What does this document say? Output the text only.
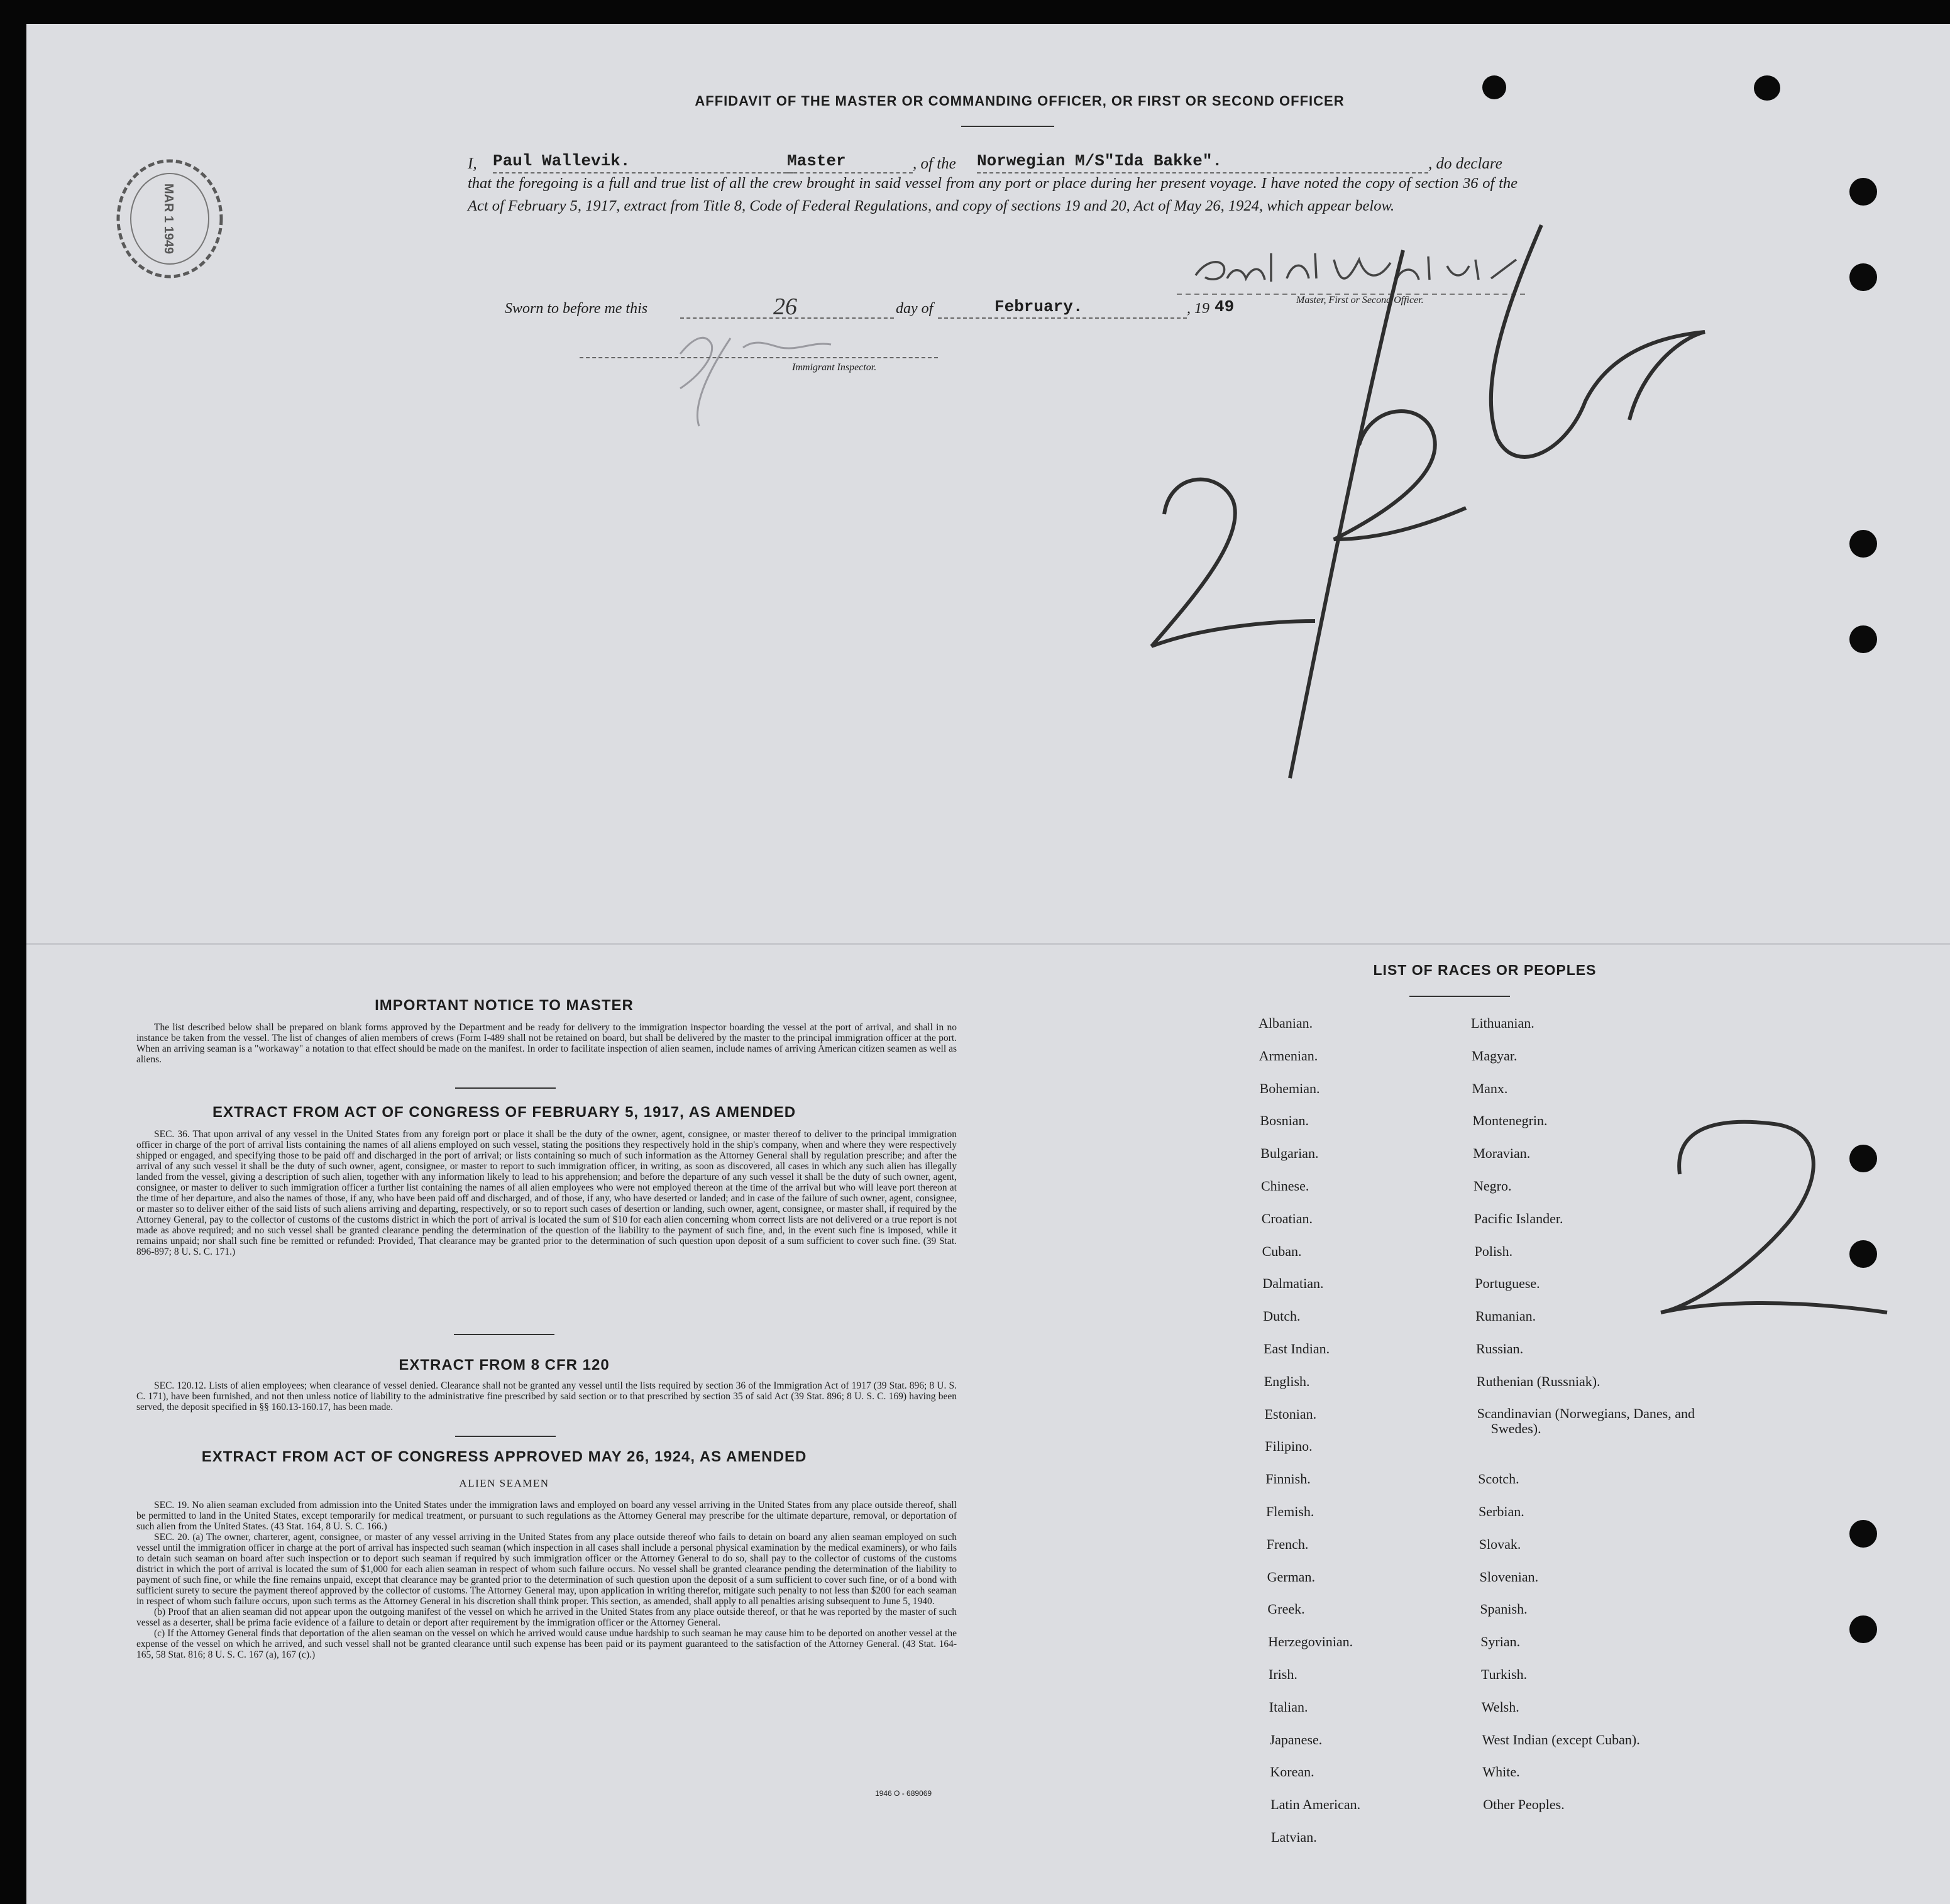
MAR 1 1949
AFFIDAVIT OF THE MASTER OR COMMANDING OFFICER, OR FIRST OR SECOND OFFICER
I, Paul Wallevik.	Master	, of the Norwegian M/S"Ida Bakke".	, do declare
that the foregoing is a full and true list of all the crew brought in said vessel from any port or place during her present voyage. I have noted the copy of section 36 of the Act of February 5, 1917, extract from Title 8, Code of Federal Regulations, and copy of sections 19 and 20, Act of May 26, 1924, which appear below.
Master, First or Second Officer.
Sworn to before me this	26	day of	February.	, 19 49
Immigrant Inspector.
IMPORTANT NOTICE TO MASTER
The list described below shall be prepared on blank forms approved by the Department and be ready for delivery to the immigration inspector boarding the vessel at the port of arrival, and shall in no instance be taken from the vessel. The list of changes of alien members of crews (Form I-489 shall not be retained on board, but shall be delivered by the master to the principal immigration officer at the port. When an arriving seaman is a "workaway" a notation to that effect should be made on the manifest. In order to facilitate inspection of alien seamen, include names of arriving American citizen seamen as well as aliens.
EXTRACT FROM ACT OF CONGRESS OF FEBRUARY 5, 1917, AS AMENDED
SEC. 36. That upon arrival of any vessel in the United States from any foreign port or place it shall be the duty of the owner, agent, consignee, or master thereof to deliver to the principal immigration officer in charge of the port of arrival lists containing the names of all aliens employed on such vessel, stating the positions they respectively hold in the ship's company, when and where they were respectively shipped or engaged, and specifying those to be paid off and discharged in the port of arrival; or lists containing so much of such information as the Attorney General shall by regulation prescribe; and after the arrival of any such vessel it shall be the duty of such owner, agent, consignee, or master to report to such immigration officer, in writing, as soon as discovered, all cases in which any such alien has illegally landed from the vessel, giving a description of such alien, together with any information likely to lead to his apprehension; and before the departure of any such vessel it shall be the duty of such owner, agent, consignee, or master to deliver to such immigration officer a further list containing the names of all alien employees who were not employed thereon at the time of the arrival but who will leave port thereon at the time of her departure, and also the names of those, if any, who have been paid off and discharged, and of those, if any, who have deserted or landed; and in case of the failure of such owner, agent, consignee, or master so to deliver either of the said lists of such aliens arriving and departing, respectively, or so to report such cases of desertion or landing, such owner, agent, consignee, or master shall, if required by the Attorney General, pay to the collector of customs of the customs district in which the port of arrival is located the sum of $10 for each alien concerning whom correct lists are not delivered or a true report is not made as above required; and no such vessel shall be granted clearance pending the determination of the question of the liability to the payment of such fine, and, in the event such fine is imposed, while it remains unpaid; nor shall such fine be remitted or refunded: Provided, That clearance may be granted prior to the determination of such question upon deposit of a sum sufficient to cover such fine. (39 Stat. 896-897; 8 U. S. C. 171.)
EXTRACT FROM 8 CFR 120
SEC. 120.12. Lists of alien employees; when clearance of vessel denied. Clearance shall not be granted any vessel until the lists required by section 36 of the Immigration Act of 1917 (39 Stat. 896; 8 U. S. C. 171), have been furnished, and not then unless notice of liability to the administrative fine prescribed by said section or to that prescribed by section 35 of said Act (39 Stat. 896; 8 U. S. C. 169) having been served, the deposit specified in §§ 160.13-160.17, has been made.
EXTRACT FROM ACT OF CONGRESS APPROVED MAY 26, 1924, AS AMENDED
ALIEN SEAMEN
SEC. 19. No alien seaman excluded from admission into the United States under the immigration laws and employed on board any vessel arriving in the United States from any place outside thereof, shall be permitted to land in the United States, except temporarily for medical treatment, or pursuant to such regulations as the Attorney General may prescribe for the ultimate departure, removal, or deportation of such alien from the United States. (43 Stat. 164, 8 U. S. C. 166.)
SEC. 20. (a) The owner, charterer, agent, consignee, or master of any vessel arriving in the United States from any place outside thereof who fails to detain on board any alien seaman employed on such vessel until the immigration officer in charge at the port of arrival has inspected such seaman (which inspection in all cases shall include a personal physical examination by the medical examiners), or who fails to detain such seaman on board after such inspection or to deport such seaman if required by such immigration officer or the Attorney General to do so, shall pay to the collector of customs of the customs district in which the port of arrival is located the sum of $1,000 for each alien seaman in respect of whom such failure occurs. No vessel shall be granted clearance pending the determination of the liability to payment of such fine, or while the fine remains unpaid, except that clearance may be granted prior to the determination of such question upon the deposit of a sum sufficient to cover such fine, or of a bond with sufficient surety to secure the payment thereof approved by the collector of customs. The Attorney General may, upon application in writing therefor, mitigate such penalty to not less than $200 for each seaman in respect of whom such failure occurs, upon such terms as the Attorney General in his discretion shall think proper. This section, as amended, shall apply to all penalties arising subsequent to June 5, 1940.
(b) Proof that an alien seaman did not appear upon the outgoing manifest of the vessel on which he arrived in the United States from any place outside thereof, or that he was reported by the master of such vessel as a deserter, shall be prima facie evidence of a failure to detain or deport after requirement by the immigration officer or the Attorney General.
(c) If the Attorney General finds that deportation of the alien seaman on the vessel on which he arrived would cause undue hardship to such seaman he may cause him to be deported on another vessel at the expense of the vessel on which he arrived, and such vessel shall not be granted clearance until such expense has been paid or its payment guaranteed to the satisfaction of the Attorney General. (43 Stat. 164-165, 58 Stat. 816; 8 U. S. C. 167 (a), 167 (c).)
1946 O - 689069
LIST OF RACES OR PEOPLES
Albanian.
Armenian.
Bohemian.
Bosnian.
Bulgarian.
Chinese.
Croatian.
Cuban.
Dalmatian.
Dutch.
East Indian.
English.
Estonian.
Filipino.
Finnish.
Flemish.
French.
German.
Greek.
Herzegovinian.
Irish.
Italian.
Japanese.
Korean.
Latin American.
Latvian.
Lithuanian.
Magyar.
Manx.
Montenegrin.
Moravian.
Negro.
Pacific Islander.
Polish.
Portuguese.
Rumanian.
Russian.
Ruthenian (Russniak).
Scandinavian (Norwegians, Danes, and Swedes).
Scotch.
Serbian.
Slovak.
Slovenian.
Spanish.
Syrian.
Turkish.
Welsh.
West Indian (except Cuban).
White.
Other Peoples.
